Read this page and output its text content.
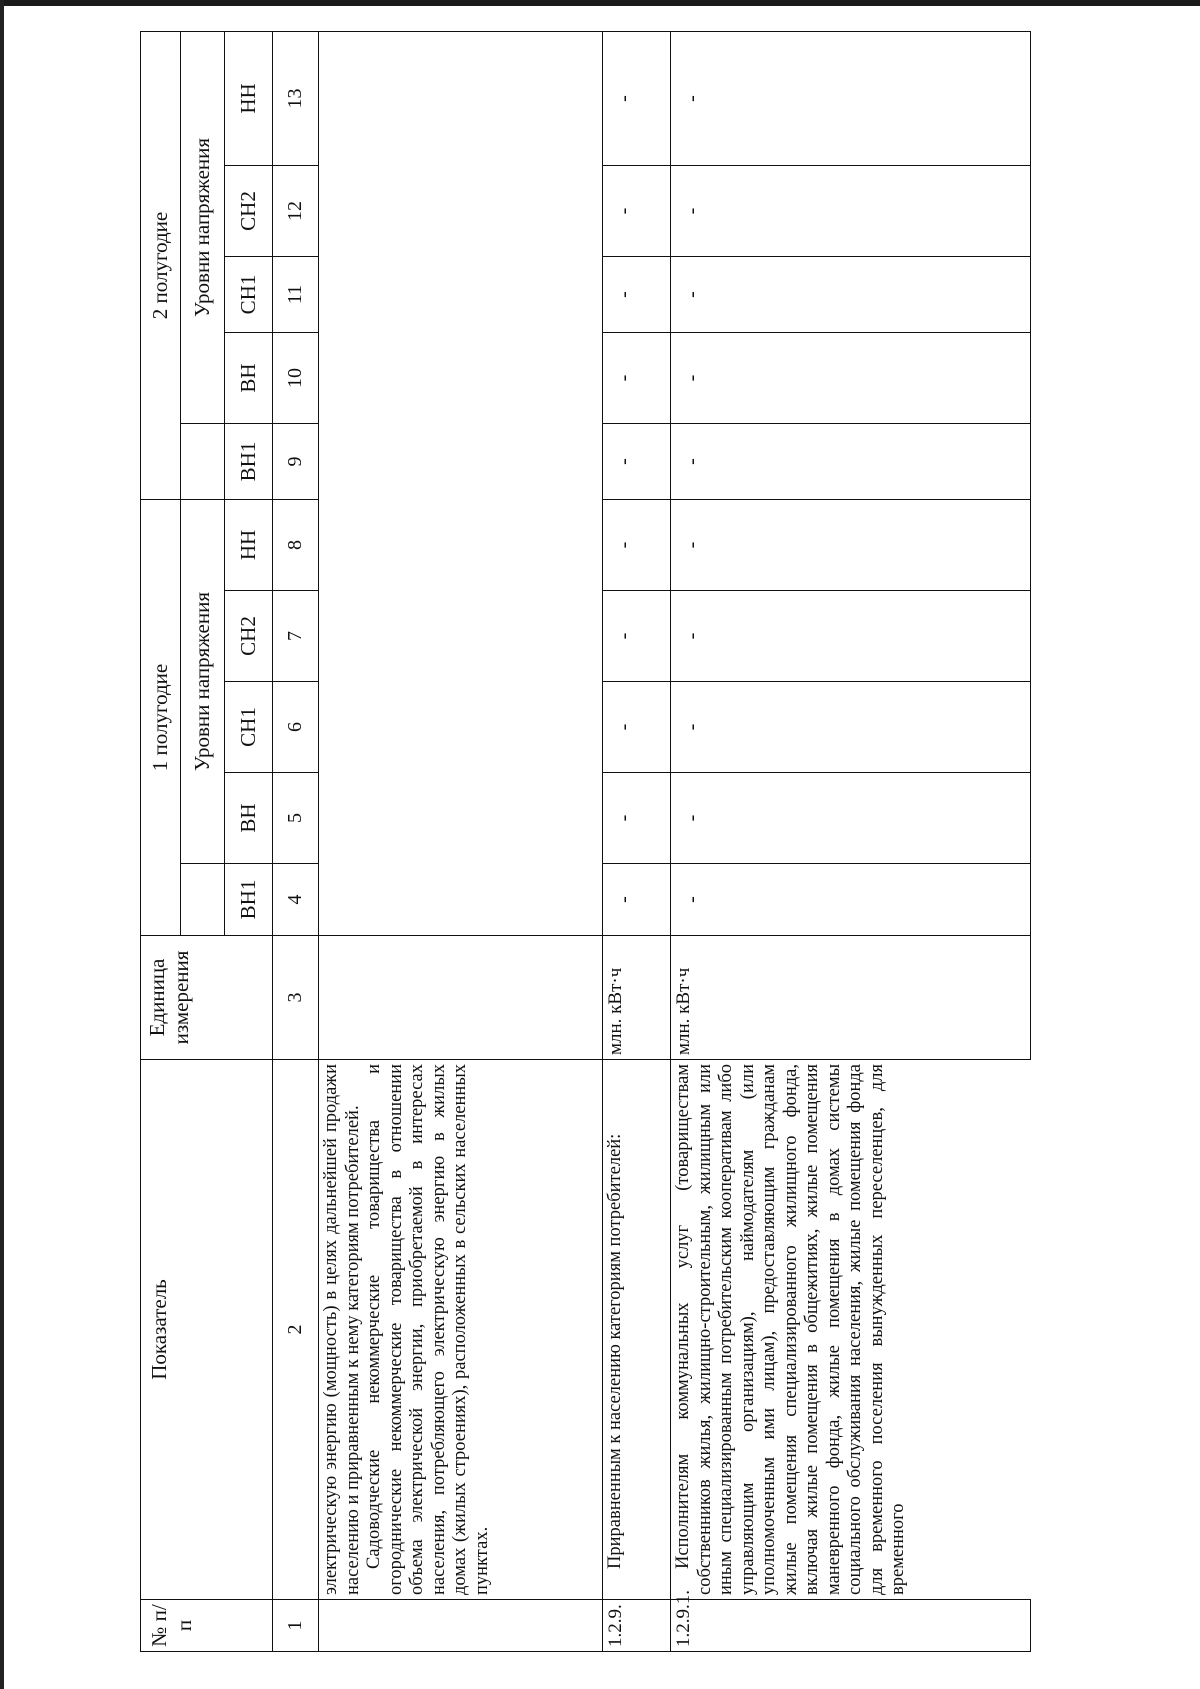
№ п/п	Показатель	Единица измерения	1 полугодие					2 полугодие				
				Уровни напряжения					Уровни напряжения			
			ВН1	ВН	СН1	СН2	НН	ВН1	ВН	СН1	СН2	НН
1	2	3	4	5	6	7	8	9	10	11	12	13

	электрическую энергию (мощность) в целях дальнейшей продажи населению и приравненным к нему категориям потребителей. Садоводческие некоммерческие товарищества и огороднические некоммерческие товарищества в отношении объема электрической энергии, приобретаемой в интересах населения, потребляющего электрическую энергию в жилых домах (жилых строениях), расположенных в сельских населенных пунктах.											

1.2.9.	Приравненным к населению категориям потребителей:	млн. кВт·ч	-	-	-	-	-	-	-	-	-	-
1.2.9.1.	Исполнителям коммунальных услуг (товариществам собственников жилья, жилищно-строительным, жилищным или иным специализированным потребительским кооперативам либо управляющим организациям), наймодателям (или уполномоченным ими лицам), предоставляющим гражданам жилые помещения специализированного жилищного фонда, включая жилые помещения в общежитиях, жилые помещения маневренного фонда, жилые помещения в домах системы социального обслуживания населения, жилые помещения фонда для временного поселения вынужденных переселенцев, для временного	млн. кВт·ч	-	-	-	-	-	-	-	-	-	-
